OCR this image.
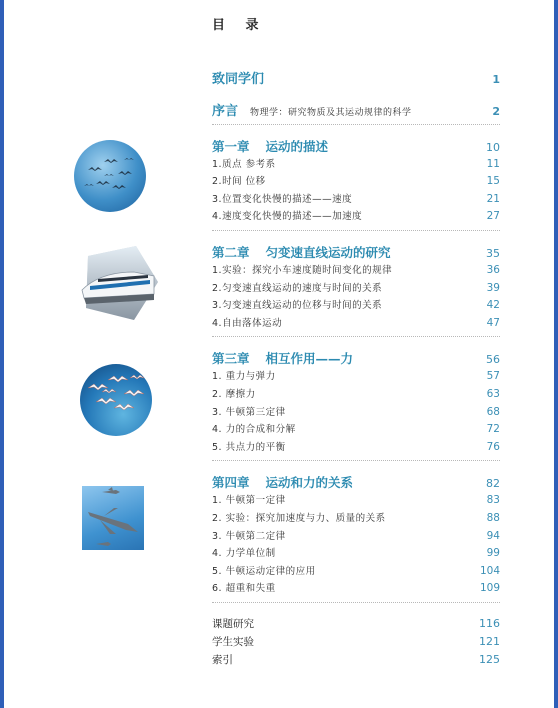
目 录
致同学们	1
序言 物理学：研究物质及其运动规律的科学	2
第一章 运动的描述	10
1.质点 参考系	11
2.时间 位移	15
3.位置变化快慢的描述——速度	21
4.速度变化快慢的描述——加速度	27
第二章 匀变速直线运动的研究	35
1.实验：探究小车速度随时间变化的规律	36
2.匀变速直线运动的速度与时间的关系	39
3.匀变速直线运动的位移与时间的关系	42
4.自由落体运动	47
第三章 相互作用——力	56
1. 重力与弹力	57
2. 摩擦力	63
3. 牛顿第三定律	68
4. 力的合成和分解	72
5. 共点力的平衡	76
第四章 运动和力的关系	82
1. 牛顿第一定律	83
2. 实验：探究加速度与力、质量的关系	88
3. 牛顿第二定律	94
4. 力学单位制	99
5. 牛顿运动定律的应用	104
6. 超重和失重	109
课题研究	116
学生实验	121
索引	125
